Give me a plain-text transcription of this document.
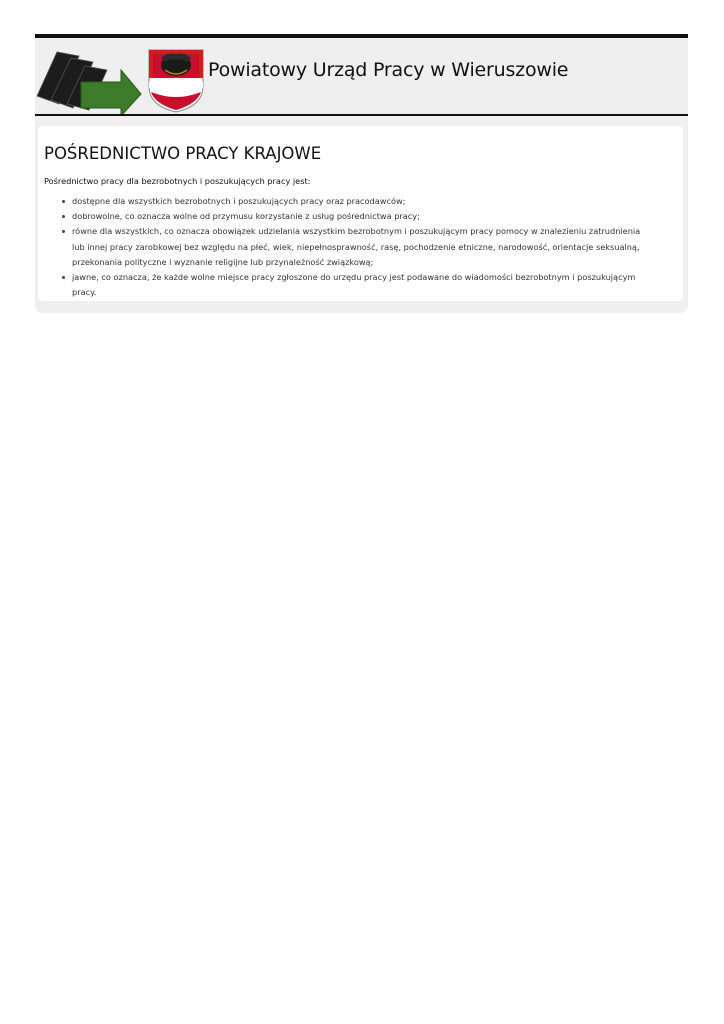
Powiatowy Urząd Pracy w Wieruszowie
POŚREDNICTWO PRACY KRAJOWE

Pośrednictwo pracy dla bezrobotnych i poszukujących pracy jest:

dostępne dla wszystkich bezrobotnych i poszukujących pracy oraz pracodawców;
dobrowolne, co oznacza wolne od przymusu korzystanie z usług pośrednictwa pracy;
równe dla wszystkich, co oznacza obowiązek udzielania wszystkim bezrobotnym i poszukującym pracy pomocy w znalezieniu zatrudnienia lub innej pracy zarobkowej bez względu na płeć, wiek, niepełnosprawność, rasę, pochodzenie etniczne, narodowość, orientacje seksualną, przekonania polityczne i wyznanie religijne lub przynależność związkową;
jawne, co oznacza, że każde wolne miejsce pracy zgłoszone do urzędu pracy jest podawane do wiadomości bezrobotnym i poszukującym pracy.
